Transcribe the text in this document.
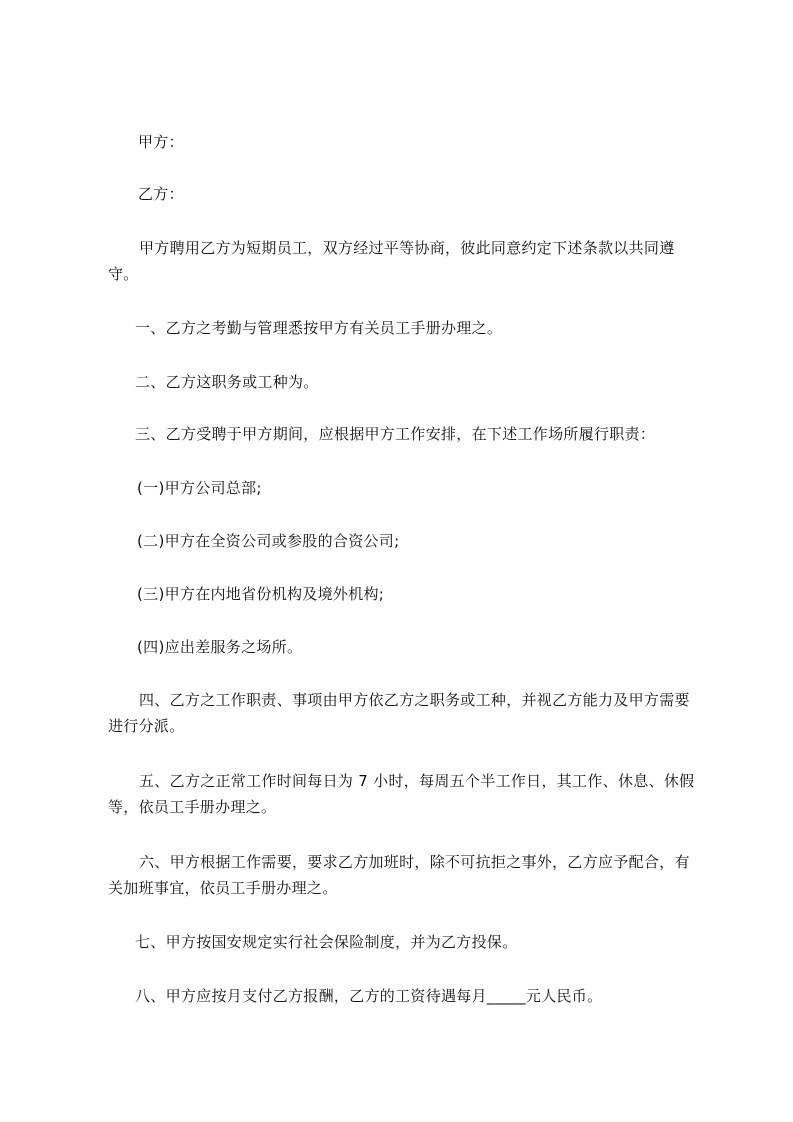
甲方：

乙方：

甲方聘用乙方为短期员工，双方经过平等协商，彼此同意约定下述条款以共同遵守。

一、乙方之考勤与管理悉按甲方有关员工手册办理之。

二、乙方这职务或工种为。

三、乙方受聘于甲方期间，应根据甲方工作安排，在下述工作场所履行职责：

(一)甲方公司总部;

(二)甲方在全资公司或参股的合资公司;

(三)甲方在内地省份机构及境外机构;

(四)应出差服务之场所。

四、乙方之工作职责、事项由甲方依乙方之职务或工种，并视乙方能力及甲方需要进行分派。

五、乙方之正常工作时间每日为 7 小时，每周五个半工作日，其工作、休息、休假等，依员工手册办理之。

六、甲方根据工作需要，要求乙方加班时，除不可抗拒之事外，乙方应予配合，有关加班事宜，依员工手册办理之。

七、甲方按国安规定实行社会保险制度，并为乙方投保。

八、甲方应按月支付乙方报酬，乙方的工资待遇每月_____元人民币。
